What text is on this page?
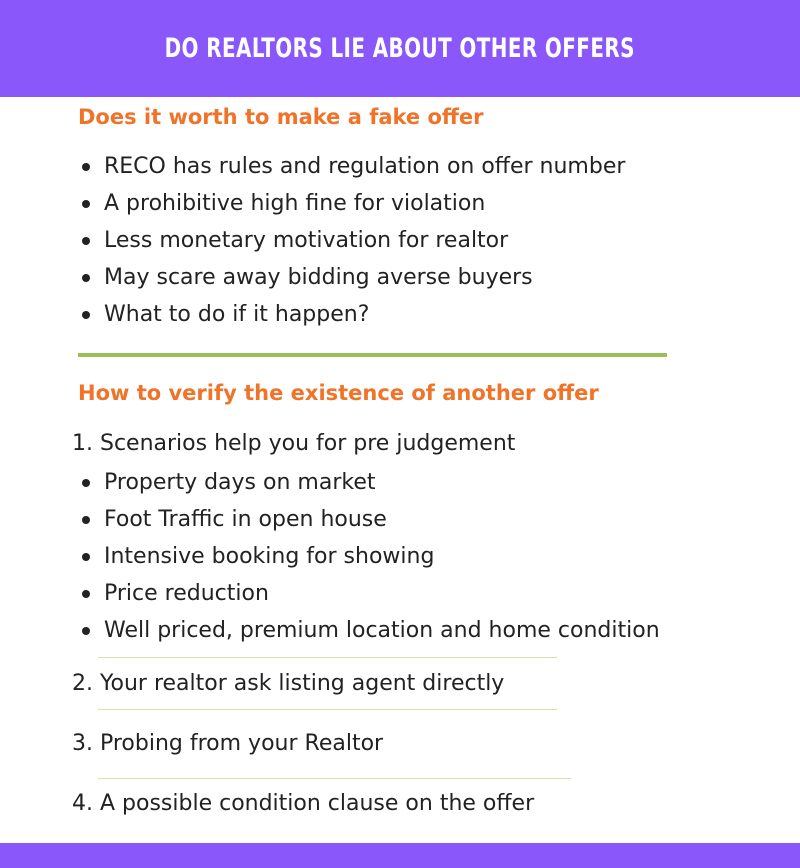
DO REALTORS LIE ABOUT OTHER OFFERS
Does it worth to make a fake offer
RECO has rules and regulation on offer number
A prohibitive high fine for violation
Less monetary motivation for realtor
May scare away bidding averse buyers
What to do if it happen?
How to verify the existence of another offer
1. Scenarios help you for pre judgement
Property days on market
Foot Traffic in open house
Intensive booking for showing
Price reduction
Well priced, premium location and home condition
2. Your realtor ask listing agent directly
3. Probing from your Realtor
4. A possible condition clause on the offer
